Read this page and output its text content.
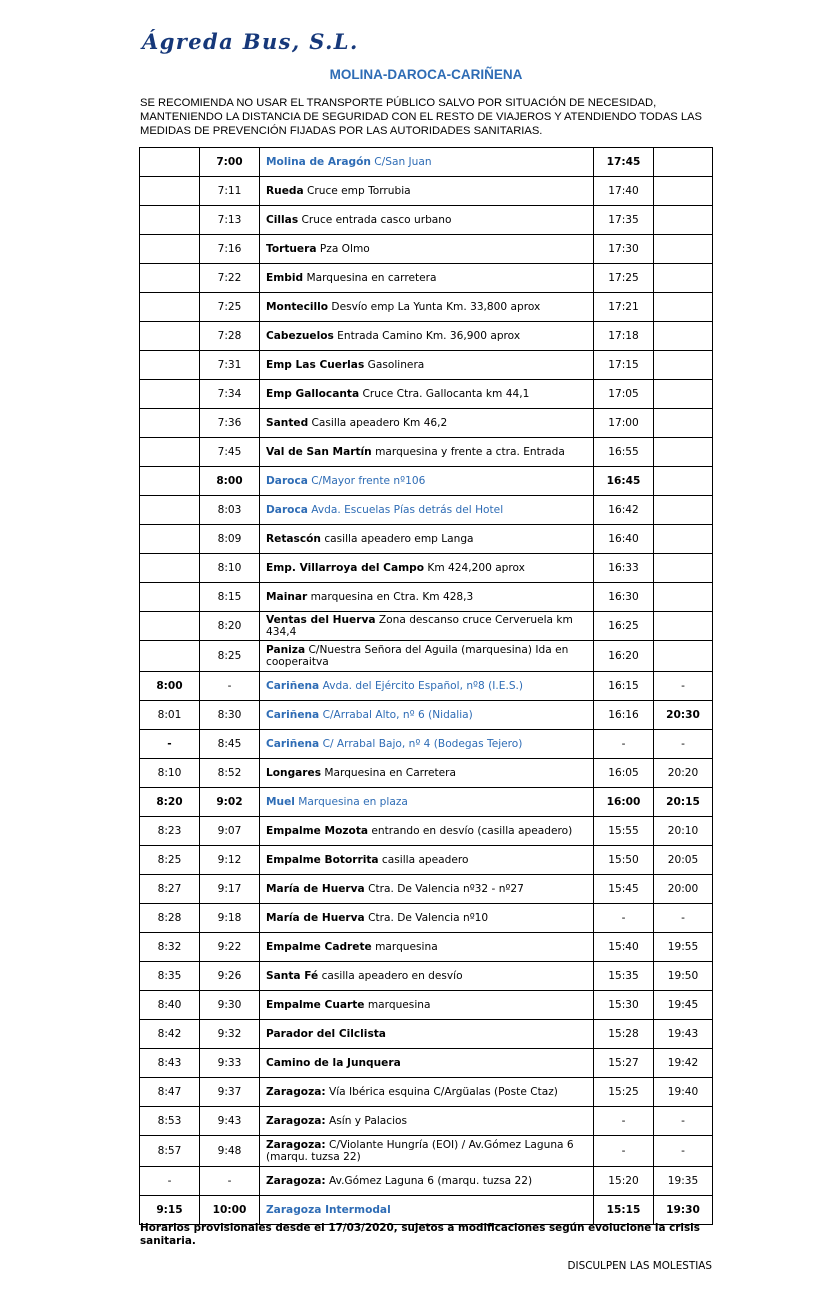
Ágreda Bus, S.L.
MOLINA-DAROCA-CARIÑENA
SE RECOMIENDA NO USAR EL TRANSPORTE PÚBLICO SALVO POR SITUACIÓN DE NECESIDAD, MANTENIENDO LA DISTANCIA DE SEGURIDAD CON EL RESTO DE VIAJEROS Y ATENDIENDO TODAS LAS MEDIDAS DE PREVENCIÓN FIJADAS POR LAS AUTORIDADES SANITARIAS.
	7:00	Molina de Aragón C/San Juan	17:45	
	7:11	Rueda Cruce emp Torrubia	17:40	
	7:13	Cillas Cruce entrada casco urbano	17:35	
	7:16	Tortuera Pza Olmo	17:30	
	7:22	Embid Marquesina en carretera	17:25	
	7:25	Montecillo Desvío emp La Yunta Km. 33,800 aprox	17:21	
	7:28	Cabezuelos Entrada Camino Km. 36,900 aprox	17:18	
	7:31	Emp Las Cuerlas Gasolinera	17:15	
	7:34	Emp Gallocanta Cruce Ctra. Gallocanta km 44,1	17:05	
	7:36	Santed Casilla apeadero Km 46,2	17:00	
	7:45	Val de San Martín marquesina y frente a ctra. Entrada	16:55	
	8:00	Daroca C/Mayor frente nº106	16:45	
	8:03	Daroca Avda. Escuelas Pías detrás del Hotel	16:42	
	8:09	Retascón casilla apeadero emp Langa	16:40	
	8:10	Emp. Villarroya del Campo Km 424,200 aprox	16:33	
	8:15	Mainar marquesina en Ctra. Km 428,3	16:30	
	8:20	Ventas del Huerva Zona descanso cruce Cerveruela km 434,4	16:25	
	8:25	Paniza C/Nuestra Señora del Aguila (marquesina) Ida en cooperaitva	16:20	
8:00	-	Cariñena Avda. del Ejército Español, nº8 (I.E.S.)	16:15	-
8:01	8:30	Cariñena C/Arrabal Alto, nº 6 (Nidalia)	16:16	20:30
-	8:45	Cariñena C/ Arrabal Bajo, nº 4 (Bodegas Tejero)	-	-
8:10	8:52	Longares Marquesina en Carretera	16:05	20:20
8:20	9:02	Muel Marquesina en plaza	16:00	20:15
8:23	9:07	Empalme Mozota entrando en desvío (casilla apeadero)	15:55	20:10
8:25	9:12	Empalme Botorrita casilla apeadero	15:50	20:05
8:27	9:17	María de Huerva Ctra. De Valencia nº32 - nº27	15:45	20:00
8:28	9:18	María de Huerva Ctra. De Valencia nº10	-	-
8:32	9:22	Empalme Cadrete marquesina	15:40	19:55
8:35	9:26	Santa Fé casilla apeadero en desvío	15:35	19:50
8:40	9:30	Empalme Cuarte marquesina	15:30	19:45
8:42	9:32	Parador del Cilclista	15:28	19:43
8:43	9:33	Camino de la Junquera	15:27	19:42
8:47	9:37	Zaragoza: Vía Ibérica esquina C/Argüalas (Poste Ctaz)	15:25	19:40
8:53	9:43	Zaragoza: Asín y Palacios	-	-
8:57	9:48	Zaragoza: C/Violante Hungría (EOI) / Av.Gómez Laguna 6 (marqu. tuzsa 22)	-	-
-	-	Zaragoza: Av.Gómez Laguna 6 (marqu. tuzsa 22)	15:20	19:35
9:15	10:00	Zaragoza Intermodal	15:15	19:30
Horarios provisionales desde el 17/03/2020, sujetos a modificaciones según evolucione la crisis sanitaria.
DISCULPEN LAS MOLESTIAS
